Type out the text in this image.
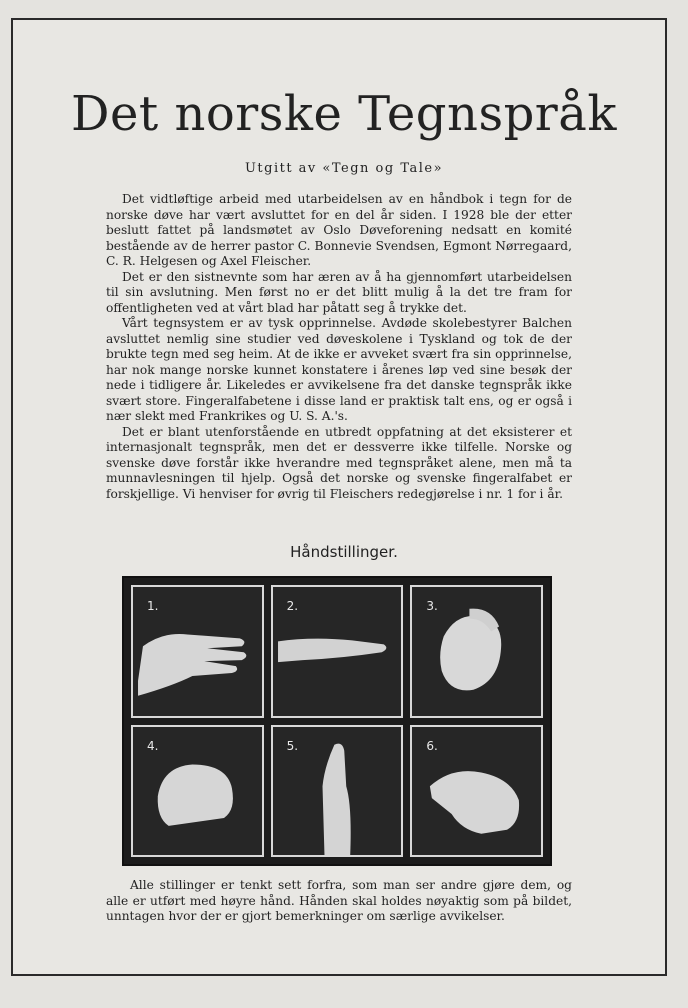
Det norske Tegnspråk
Utgitt av «Tegn og Tale»

Det vidtløftige arbeid med utarbeidelsen av en håndbok i tegn for de norske døve har vært avsluttet for en del år siden. I 1928 ble der etter beslutt fattet på landsmøtet av Oslo Døveforening nedsatt en komité bestående av de herrer pastor C. Bonnevie Svendsen, Egmont Nørregaard, C. R. Helgesen og Axel Fleischer.

Det er den sistnevnte som har æren av å ha gjennomført utarbeidelsen til sin avslutning. Men først no er det blitt mulig å la det tre fram for offentligheten ved at vårt blad har påtatt seg å trykke det.

Vårt tegnsystem er av tysk opprinnelse. Avdøde skolebestyrer Balchen avsluttet nemlig sine studier ved døveskolene i Tyskland og tok de der brukte tegn med seg heim. At de ikke er avveket svært fra sin opprinnelse, har nok mange norske kunnet konstatere i årenes løp ved sine besøk der nede i tidligere år. Likeledes er avvikelsene fra det danske tegnspråk ikke svært store. Fingeralfabetene i disse land er praktisk talt ens, og er også i nær slekt med Frankrikes og U. S. A.'s.

Det er blant utenforstående en utbredt oppfatning at det eksisterer et internasjonalt tegnspråk, men det er dessverre ikke tilfelle. Norske og svenske døve forstår ikke hverandre med tegnspråket alene, men må ta munnavlesningen til hjelp. Også det norske og svenske fingeralfabet er forskjellige. Vi henviser for øvrig til Fleischers redegjørelse i nr. 1 for i år.

Håndstillinger.
1.	2.	3.
4.	5.	6.

Alle stillinger er tenkt sett forfra, som man ser andre gjøre dem, og alle er utført med høyre hånd. Hånden skal holdes nøyaktig som på bildet, unntagen hvor der er gjort bemerkninger om særlige avvikelser.
